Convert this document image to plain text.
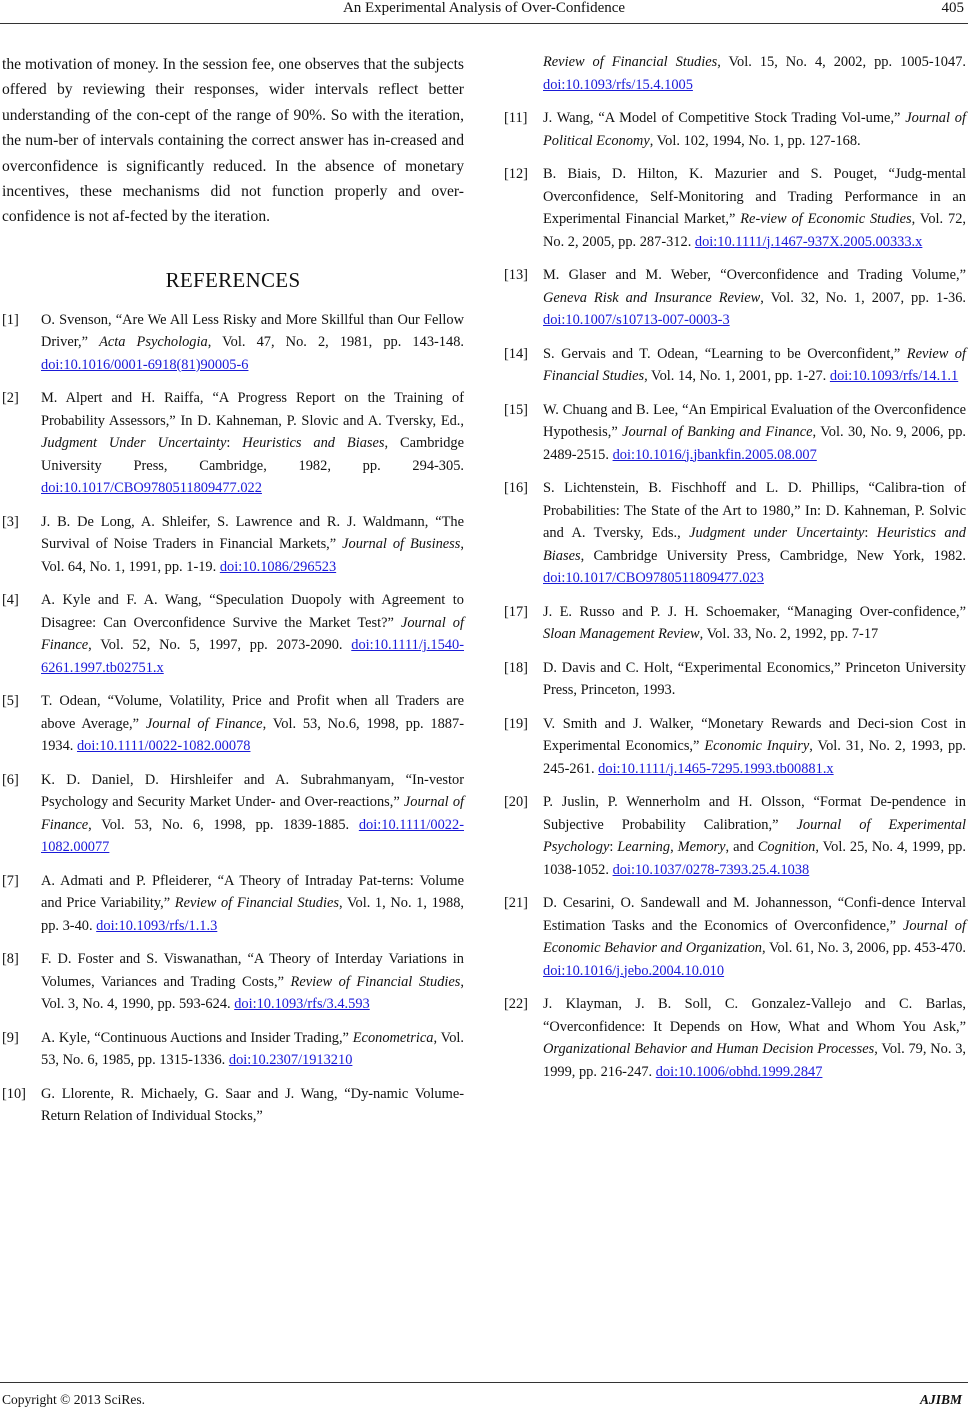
An Experimental Analysis of Over-Confidence	405

the motivation of money. In the session fee, one observes that the subjects offered by reviewing their responses, wider intervals reflect better understanding of the con-cept of the range of 90%. So with the iteration, the num-ber of intervals containing the correct answer has in-creased and overconfidence is significantly reduced. In the absence of monetary incentives, these mechanisms did not function properly and over-confidence is not af-fected by the iteration.

REFERENCES
[1] O. Svenson, “Are We All Less Risky and More Skillful than Our Fellow Driver,” Acta Psychologia, Vol. 47, No. 2, 1981, pp. 143-148. doi:10.1016/0001-6918(81)90005-6
[2] M. Alpert and H. Raiffa, “A Progress Report on the Training of Probability Assessors,” In D. Kahneman, P. Slovic and A. Tversky, Ed., Judgment Under Uncertainty: Heuristics and Biases, Cambridge University Press, Cambridge, 1982, pp. 294-305. doi:10.1017/CBO9780511809477.022
[3] J. B. De Long, A. Shleifer, S. Lawrence and R. J. Waldmann, “The Survival of Noise Traders in Financial Markets,” Journal of Business, Vol. 64, No. 1, 1991, pp. 1-19. doi:10.1086/296523
[4] A. Kyle and F. A. Wang, “Speculation Duopoly with Agreement to Disagree: Can Overconfidence Survive the Market Test?” Journal of Finance, Vol. 52, No. 5, 1997, pp. 2073-2090. doi:10.1111/j.1540-6261.1997.tb02751.x
[5] T. Odean, “Volume, Volatility, Price and Profit when all Traders are above Average,” Journal of Finance, Vol. 53, No.6, 1998, pp. 1887-1934. doi:10.1111/0022-1082.00078
[6] K. D. Daniel, D. Hirshleifer and A. Subrahmanyam, “In-vestor Psychology and Security Market Under- and Over-reactions,” Journal of Finance, Vol. 53, No. 6, 1998, pp. 1839-1885. doi:10.1111/0022-1082.00077
[7] A. Admati and P. Pfleiderer, “A Theory of Intraday Pat-terns: Volume and Price Variability,” Review of Financial Studies, Vol. 1, No. 1, 1988, pp. 3-40. doi:10.1093/rfs/1.1.3
[8] F. D. Foster and S. Viswanathan, “A Theory of Interday Variations in Volumes, Variances and Trading Costs,” Review of Financial Studies, Vol. 3, No. 4, 1990, pp. 593-624. doi:10.1093/rfs/3.4.593
[9] A. Kyle, “Continuous Auctions and Insider Trading,” Econometrica, Vol. 53, No. 6, 1985, pp. 1315-1336. doi:10.2307/1913210
[10] G. Llorente, R. Michaely, G. Saar and J. Wang, “Dy-namic Volume-Return Relation of Individual Stocks,”
Review of Financial Studies, Vol. 15, No. 4, 2002, pp. 1005-1047. doi:10.1093/rfs/15.4.1005
[11] J. Wang, “A Model of Competitive Stock Trading Vol-ume,” Journal of Political Economy, Vol. 102, 1994, No. 1, pp. 127-168.
[12] B. Biais, D. Hilton, K. Mazurier and S. Pouget, “Judg-mental Overconfidence, Self-Monitoring and Trading Performance in an Experimental Financial Market,” Re-view of Economic Studies, Vol. 72, No. 2, 2005, pp. 287-312. doi:10.1111/j.1467-937X.2005.00333.x
[13] M. Glaser and M. Weber, “Overconfidence and Trading Volume,” Geneva Risk and Insurance Review, Vol. 32, No. 1, 2007, pp. 1-36. doi:10.1007/s10713-007-0003-3
[14] S. Gervais and T. Odean, “Learning to be Overconfident,” Review of Financial Studies, Vol. 14, No. 1, 2001, pp. 1-27. doi:10.1093/rfs/14.1.1
[15] W. Chuang and B. Lee, “An Empirical Evaluation of the Overconfidence Hypothesis,” Journal of Banking and Finance, Vol. 30, No. 9, 2006, pp. 2489-2515. doi:10.1016/j.jbankfin.2005.08.007
[16] S. Lichtenstein, B. Fischhoff and L. D. Phillips, “Calibra-tion of Probabilities: The State of the Art to 1980,” In: D. Kahneman, P. Solvic and A. Tversky, Eds., Judgment under Uncertainty: Heuristics and Biases, Cambridge University Press, Cambridge, New York, 1982. doi:10.1017/CBO9780511809477.023
[17] J. E. Russo and P. J. H. Schoemaker, “Managing Over-confidence,” Sloan Management Review, Vol. 33, No. 2, 1992, pp. 7-17
[18] D. Davis and C. Holt, “Experimental Economics,” Princeton University Press, Princeton, 1993.
[19] V. Smith and J. Walker, “Monetary Rewards and Deci-sion Cost in Experimental Economics,” Economic Inquiry, Vol. 31, No. 2, 1993, pp. 245-261. doi:10.1111/j.1465-7295.1993.tb00881.x
[20] P. Juslin, P. Wennerholm and H. Olsson, “Format De-pendence in Subjective Probability Calibration,” Journal of Experimental Psychology: Learning, Memory, and Cognition, Vol. 25, No. 4, 1999, pp. 1038-1052. doi:10.1037/0278-7393.25.4.1038
[21] D. Cesarini, O. Sandewall and M. Johannesson, “Confi-dence Interval Estimation Tasks and the Economics of Overconfidence,” Journal of Economic Behavior and Organization, Vol. 61, No. 3, 2006, pp. 453-470. doi:10.1016/j.jebo.2004.10.010
[22] J. Klayman, J. B. Soll, C. Gonzalez-Vallejo and C. Barlas, “Overconfidence: It Depends on How, What and Whom You Ask,” Organizational Behavior and Human Decision Processes, Vol. 79, No. 3, 1999, pp. 216-247. doi:10.1006/obhd.1999.2847
Copyright © 2013 SciRes.	AJIBM
